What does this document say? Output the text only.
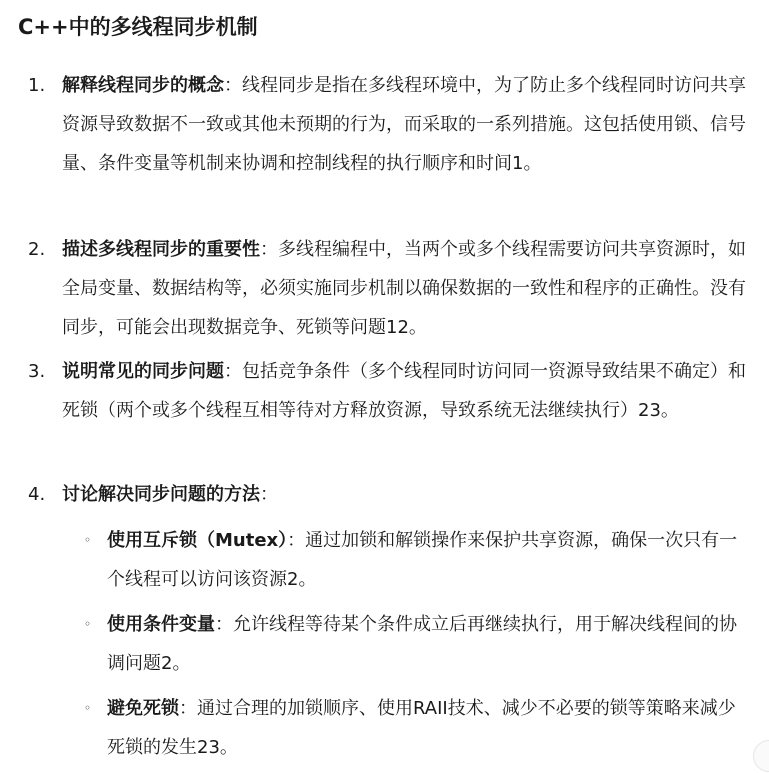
C++中的多线程同步机制
1. 解释线程同步的概念：线程同步是指在多线程环境中，为了防止多个线程同时访问共享资源导致数据不一致或其他未预期的行为，而采取的一系列措施。这包括使用锁、信号量、条件变量等机制来协调和控制线程的执行顺序和时间1。
2. 描述多线程同步的重要性：多线程编程中，当两个或多个线程需要访问共享资源时，如全局变量、数据结构等，必须实施同步机制以确保数据的一致性和程序的正确性。没有同步，可能会出现数据竞争、死锁等问题12。
3. 说明常见的同步问题：包括竞争条件（多个线程同时访问同一资源导致结果不确定）和死锁（两个或多个线程互相等待对方释放资源，导致系统无法继续执行）23。
4. 讨论解决同步问题的方法：
◦ 使用互斥锁（Mutex）：通过加锁和解锁操作来保护共享资源，确保一次只有一个线程可以访问该资源2。
◦ 使用条件变量：允许线程等待某个条件成立后再继续执行，用于解决线程间的协调问题2。
◦ 避免死锁：通过合理的加锁顺序、使用RAII技术、减少不必要的锁等策略来减少死锁的发生23。
